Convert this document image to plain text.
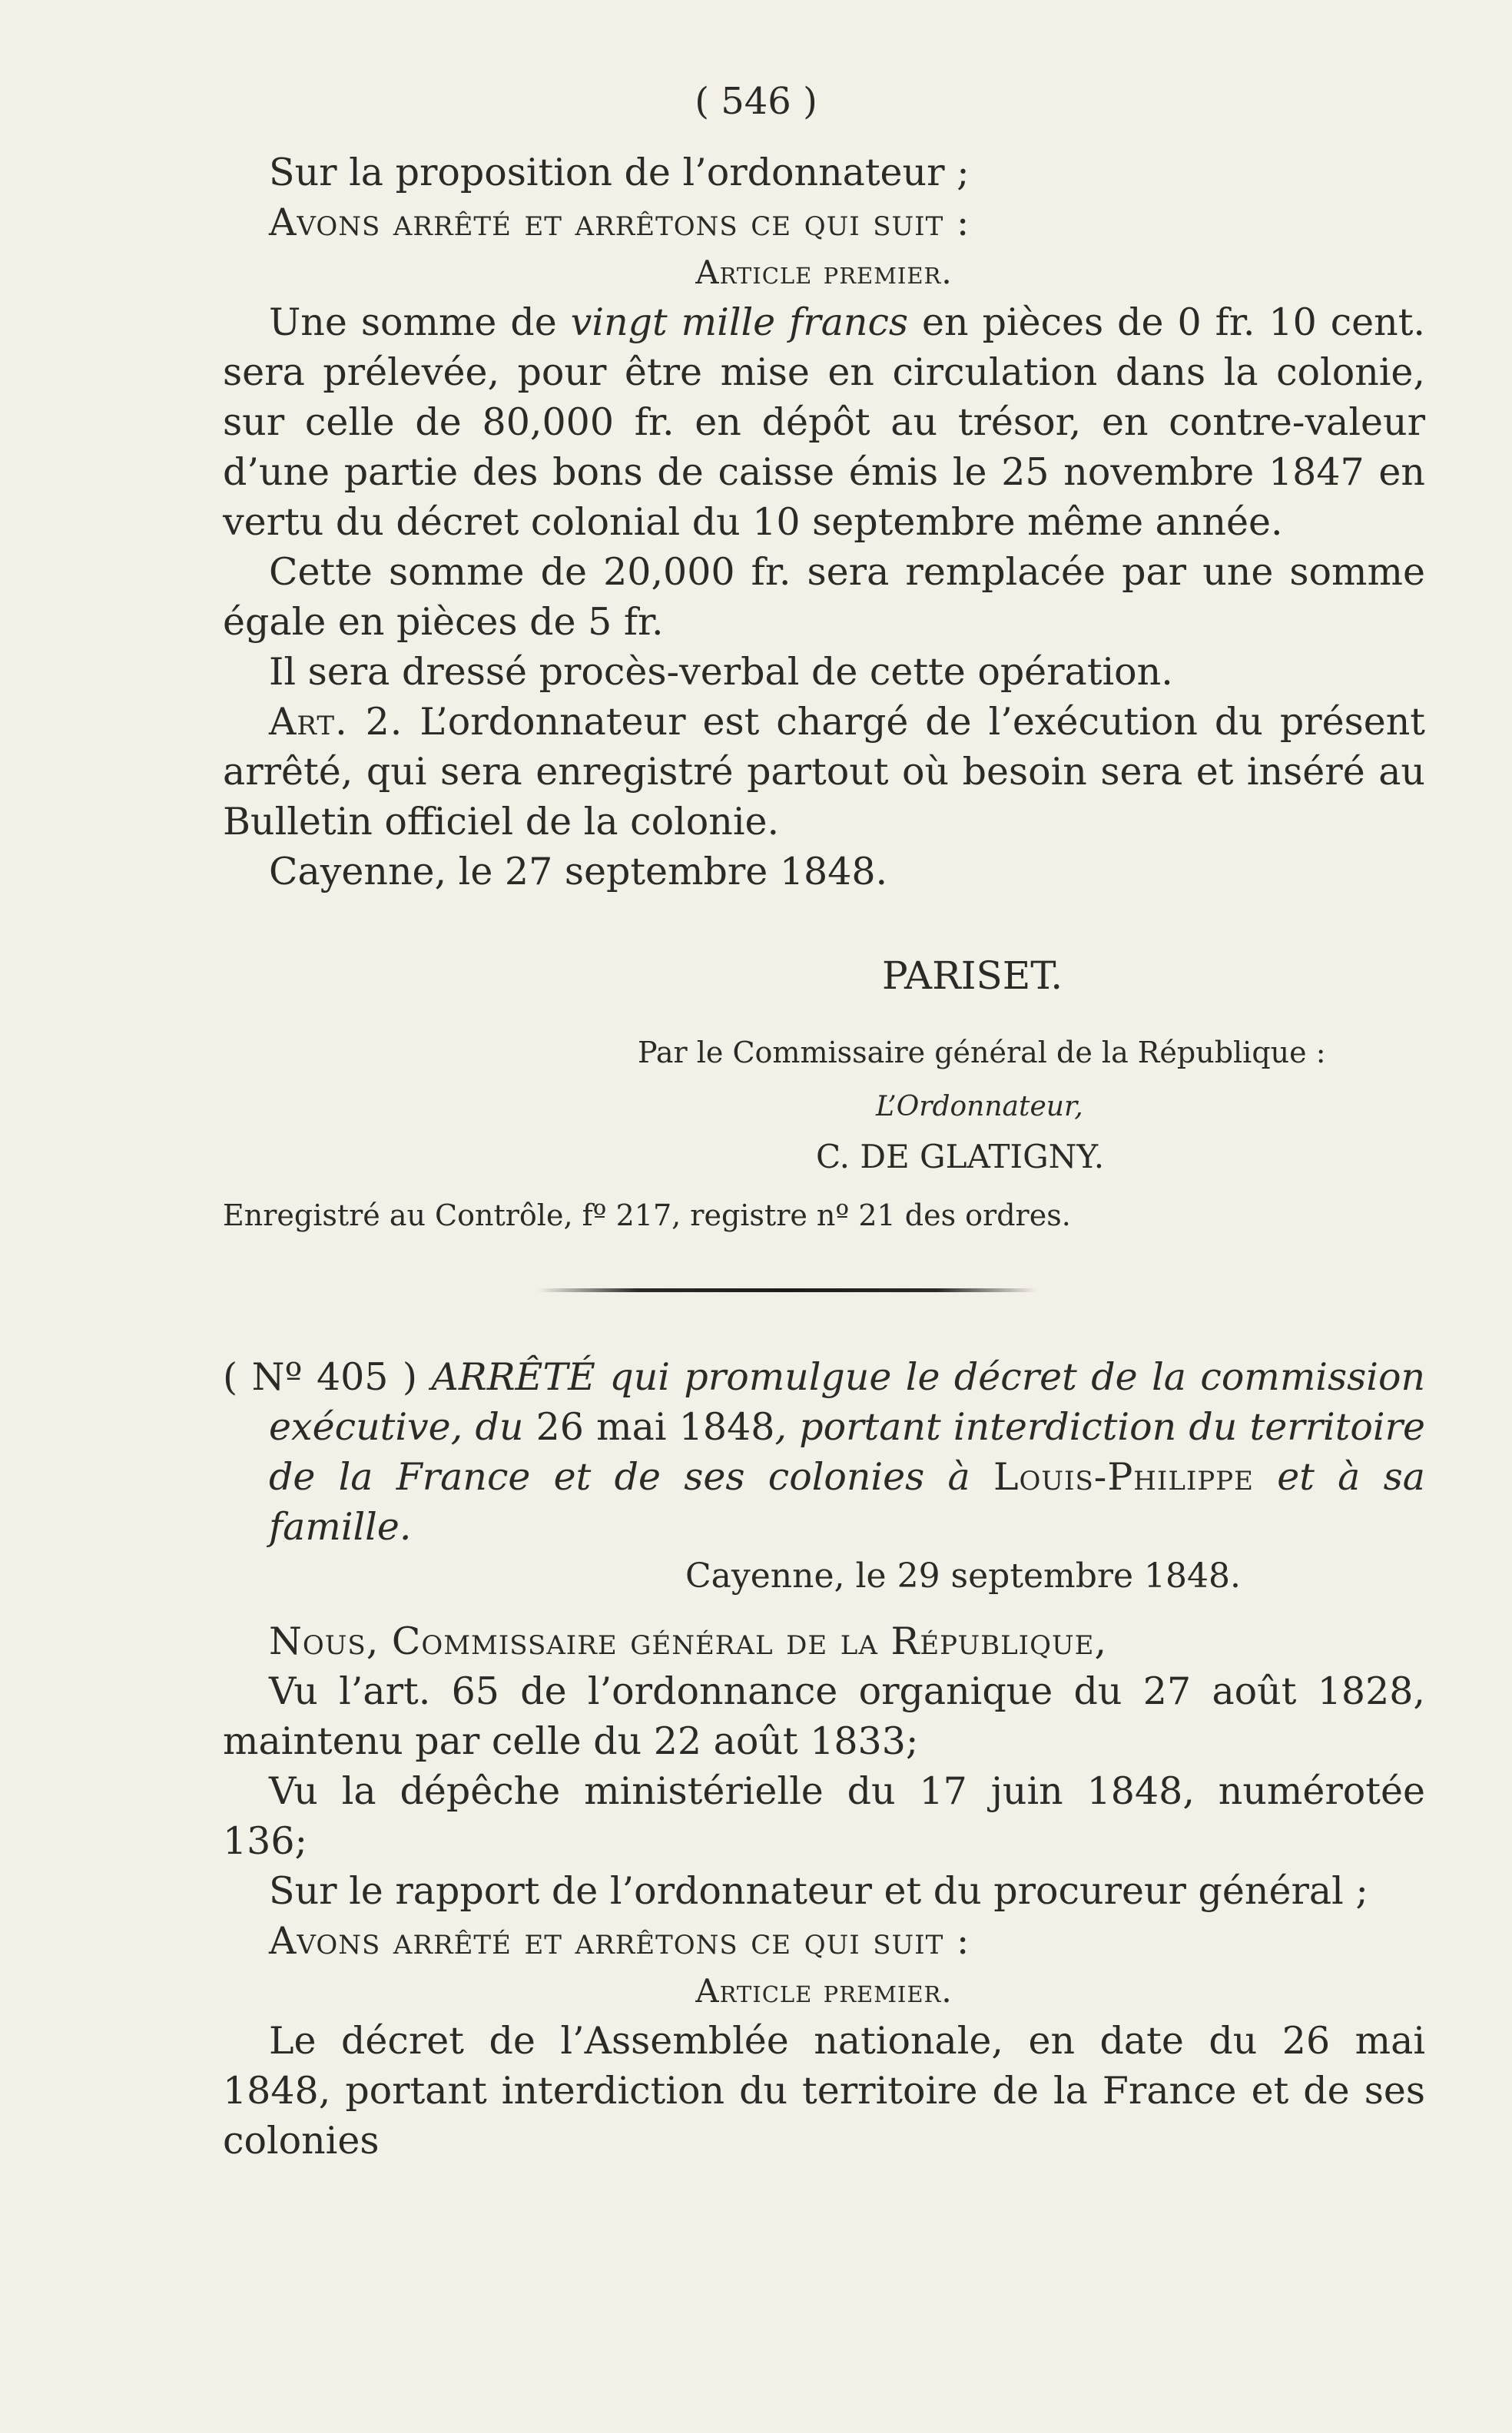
( 546 )

Sur la proposition de l’ordonnateur ;

Avons arrêté et arrêtons ce qui suit :

Article premier.

Une somme de vingt mille francs en pièces de 0 fr. 10 cent. sera prélevée, pour être mise en circulation dans la colonie, sur celle de 80,000 fr. en dépôt au trésor, en contre-valeur d’une partie des bons de caisse émis le 25 novembre 1847 en vertu du décret colonial du 10 septembre même année.

Cette somme de 20,000 fr. sera remplacée par une somme égale en pièces de 5 fr.

Il sera dressé procès-verbal de cette opération.

Art. 2. L’ordonnateur est chargé de l’exécution du présent arrêté, qui sera enregistré partout où besoin sera et inséré au Bulletin officiel de la colonie.

Cayenne, le 27 septembre 1848.

PARISET.
Par le Commissaire général de la République :
L’Ordonnateur,
C. DE GLATIGNY.
Enregistré au Contrôle, fº 217, registre nº 21 des ordres.

( Nº 405 ) ARRÊTÉ qui promulgue le décret de la commission exécutive, du 26 mai 1848, portant interdiction du territoire de la France et de ses colonies à Louis-Philippe et à sa famille.

Cayenne, le 29 septembre 1848.

Nous, Commissaire général de la République,

Vu l’art. 65 de l’ordonnance organique du 27 août 1828, maintenu par celle du 22 août 1833;

Vu la dépêche ministérielle du 17 juin 1848, numérotée 136;

Sur le rapport de l’ordonnateur et du procureur général ;

Avons arrêté et arrêtons ce qui suit :

Article premier.

Le décret de l’Assemblée nationale, en date du 26 mai 1848, portant interdiction du territoire de la France et de ses colonies
